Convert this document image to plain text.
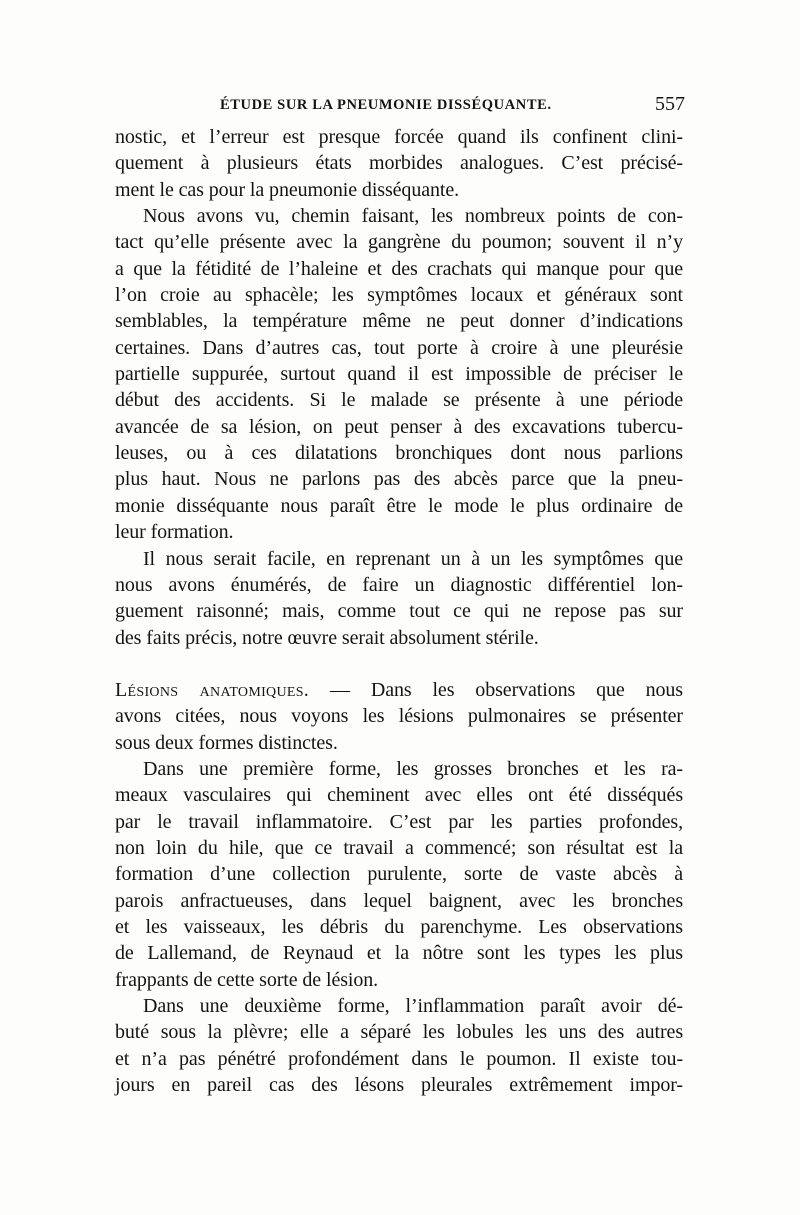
ÉTUDE SUR LA PNEUMONIE DISSÉQUANTE.	557
nostic, et l’erreur est presque forcée quand ils confinent clini-
quement à plusieurs états morbides analogues. C’est précisé-
ment le cas pour la pneumonie disséquante.
Nous avons vu, chemin faisant, les nombreux points de con-
tact qu’elle présente avec la gangrène du poumon; souvent il n’y
a que la fétidité de l’haleine et des crachats qui manque pour que
l’on croie au sphacèle; les symptômes locaux et généraux sont
semblables, la température même ne peut donner d’indications
certaines. Dans d’autres cas, tout porte à croire à une pleurésie
partielle suppurée, surtout quand il est impossible de préciser le
début des accidents. Si le malade se présente à une période
avancée de sa lésion, on peut penser à des excavations tubercu-
leuses, ou à ces dilatations bronchiques dont nous parlions
plus haut. Nous ne parlons pas des abcès parce que la pneu-
monie disséquante nous paraît être le mode le plus ordinaire de
leur formation.
Il nous serait facile, en reprenant un à un les symptômes que
nous avons énumérés, de faire un diagnostic différentiel lon-
guement raisonné; mais, comme tout ce qui ne repose pas sur
des faits précis, notre œuvre serait absolument stérile.
Lésions anatomiques. — Dans les observations que nous
avons citées, nous voyons les lésions pulmonaires se présenter
sous deux formes distinctes.
Dans une première forme, les grosses bronches et les ra-
meaux vasculaires qui cheminent avec elles ont été disséqués
par le travail inflammatoire. C’est par les parties profondes,
non loin du hile, que ce travail a commencé; son résultat est la
formation d’une collection purulente, sorte de vaste abcès à
parois anfractueuses, dans lequel baignent, avec les bronches
et les vaisseaux, les débris du parenchyme. Les observations
de Lallemand, de Reynaud et la nôtre sont les types les plus
frappants de cette sorte de lésion.
Dans une deuxième forme, l’inflammation paraît avoir dé-
buté sous la plèvre; elle a séparé les lobules les uns des autres
et n’a pas pénétré profondément dans le poumon. Il existe tou-
jours en pareil cas des lésons pleurales extrêmement impor-
